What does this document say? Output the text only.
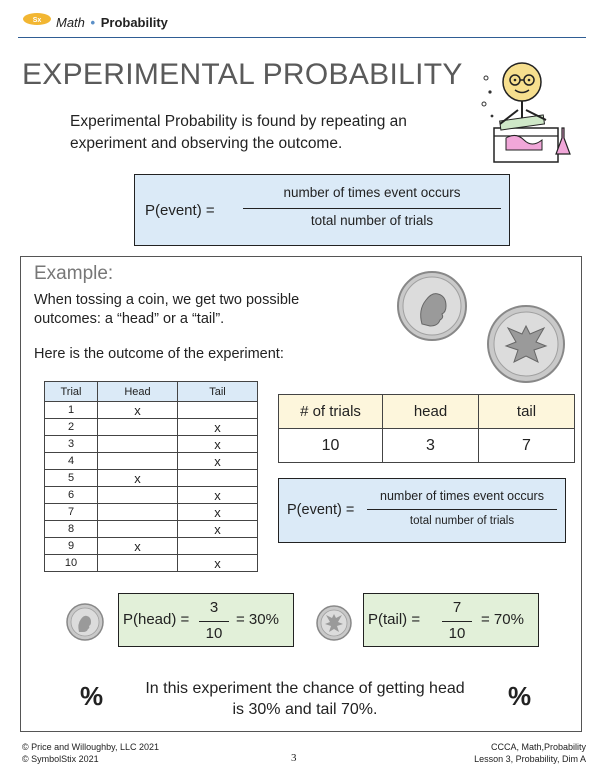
Sx Math • Probability
EXPERIMENTAL PROBABILITY
Experimental Probability is found by repeating an experiment and observing the outcome.
P(event) =
number of times event occurs
total number of trials
Example:
When tossing a coin, we get two possible outcomes: a “head” or a “tail”.
Here is the outcome of the experiment:
Trial	Head	Tail
1	x	
2		x
3		x
4		x
5	x	
6		x
7		x
8		x
9	x	
10		x
# of trials	head	tail
10	3	7
P(event) =
number of times event occurs
total number of trials
P(head) =
3
10
= 30%	P(tail) =
7
10
= 70%
%	In this experiment the chance of getting head is 30% and tail 70%.	%
© Price and Willoughby, LLC 2021
© SymbolStix 2021	3
CCCA, Math,Probability
Lesson 3, Probability, Dim A
